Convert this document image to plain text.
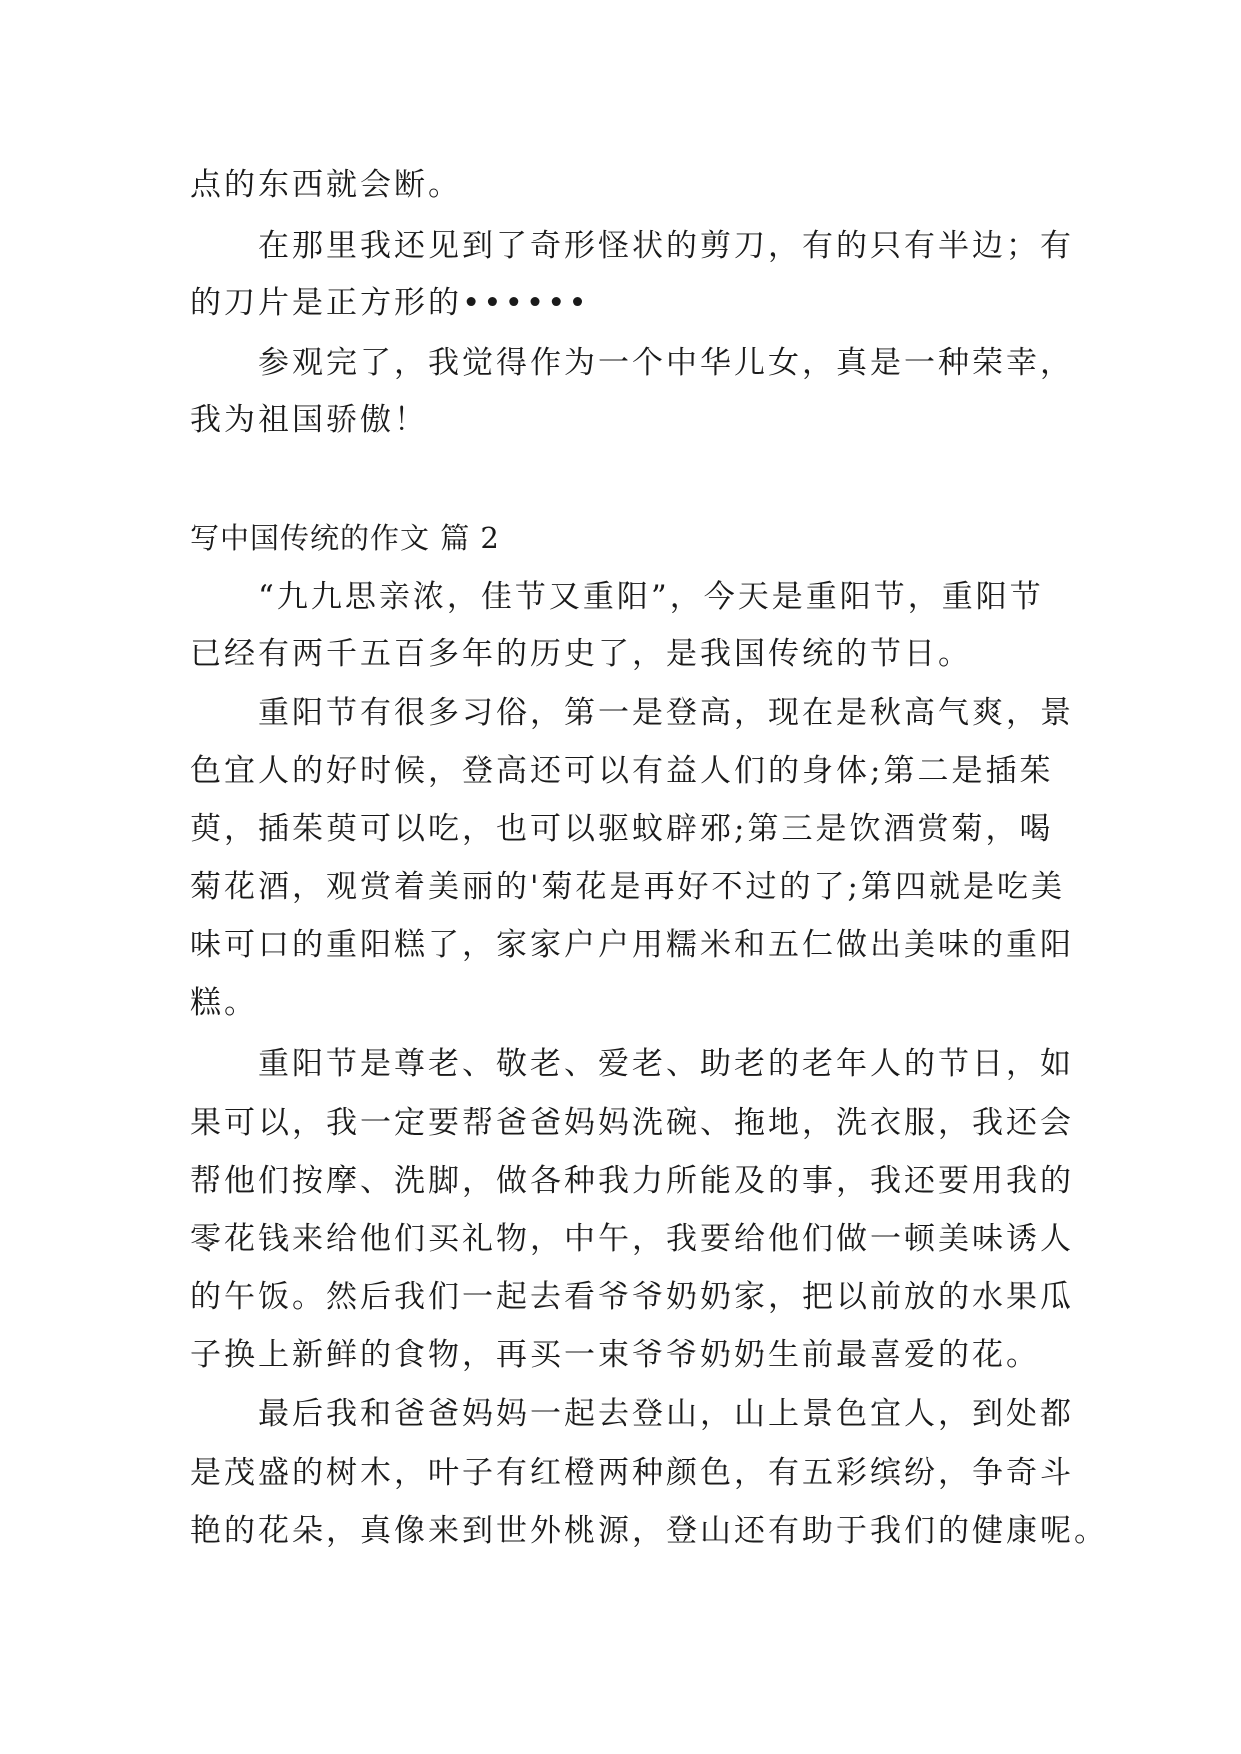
点的东西就会断。
在那里我还见到了奇形怪状的剪刀，有的只有半边；有
的刀片是正方形的••••••
参观完了，我觉得作为一个中华儿女，真是一种荣幸，
我为祖国骄傲！
写中国传统的作文 篇 2
“九九思亲浓，佳节又重阳”，今天是重阳节，重阳节
已经有两千五百多年的历史了，是我国传统的节日。
重阳节有很多习俗，第一是登高，现在是秋高气爽，景
色宜人的好时候，登高还可以有益人们的身体;第二是插茱
萸，插茱萸可以吃，也可以驱蚊辟邪;第三是饮酒赏菊，喝
菊花酒，观赏着美丽的'菊花是再好不过的了;第四就是吃美
味可口的重阳糕了，家家户户用糯米和五仁做出美味的重阳
糕。
重阳节是尊老、敬老、爱老、助老的老年人的节日，如
果可以，我一定要帮爸爸妈妈洗碗、拖地，洗衣服，我还会
帮他们按摩、洗脚，做各种我力所能及的事，我还要用我的
零花钱来给他们买礼物，中午，我要给他们做一顿美味诱人
的午饭。然后我们一起去看爷爷奶奶家，把以前放的水果瓜
子换上新鲜的食物，再买一束爷爷奶奶生前最喜爱的花。
最后我和爸爸妈妈一起去登山，山上景色宜人，到处都
是茂盛的树木，叶子有红橙两种颜色，有五彩缤纷，争奇斗
艳的花朵，真像来到世外桃源，登山还有助于我们的健康呢。
